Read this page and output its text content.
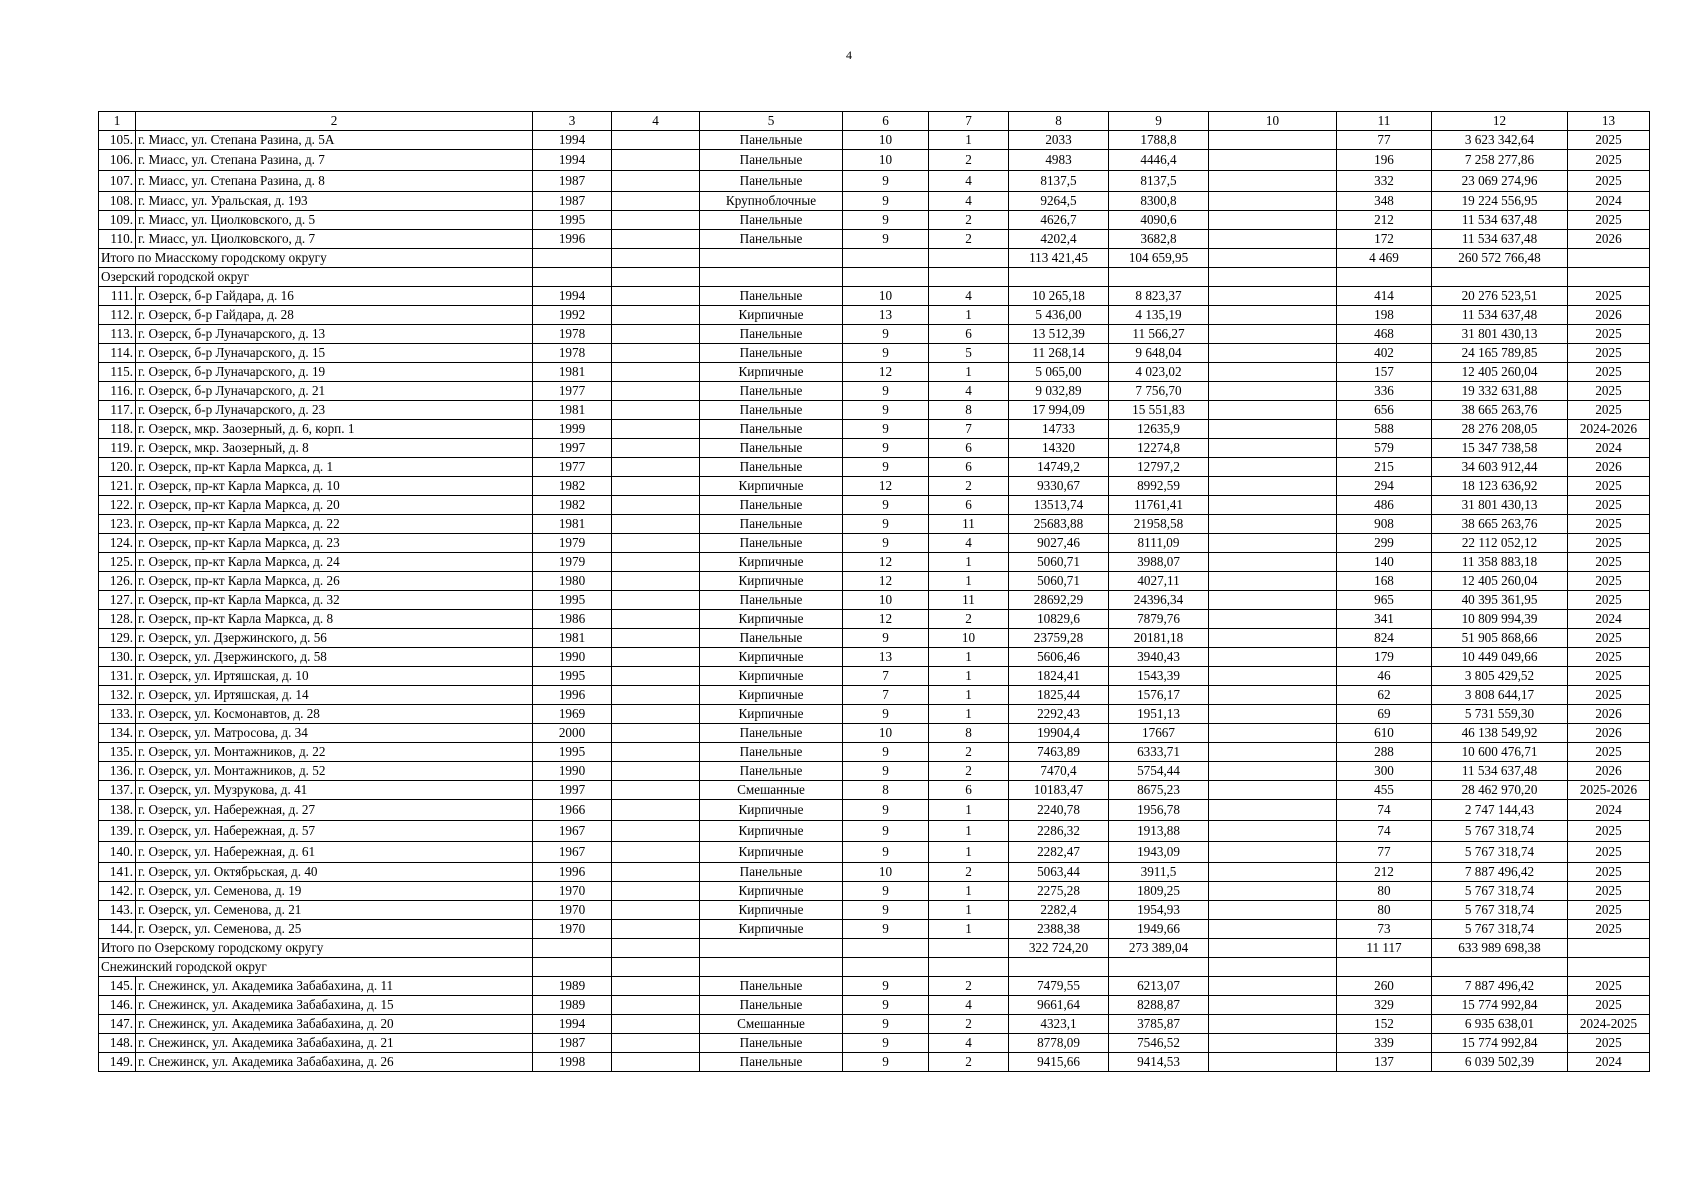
4
1	2	3	4	5	6	7	8	9	10	11	12	13
105.	г. Миасс, ул. Степана Разина, д. 5А	1994		Панельные	10	1	2033	1788,8		77	3 623 342,64	2025
106.	г. Миасс, ул. Степана Разина, д. 7	1994		Панельные	10	2	4983	4446,4		196	7 258 277,86	2025
107.	г. Миасс, ул. Степана Разина, д. 8	1987		Панельные	9	4	8137,5	8137,5		332	23 069 274,96	2025
108.	г. Миасс, ул. Уральская, д. 193	1987		Крупноблочные	9	4	9264,5	8300,8		348	19 224 556,95	2024
109.	г. Миасс, ул. Циолковского, д. 5	1995		Панельные	9	2	4626,7	4090,6		212	11 534 637,48	2025
110.	г. Миасс, ул. Циолковского, д. 7	1996		Панельные	9	2	4202,4	3682,8		172	11 534 637,48	2026
Итого по Миасскому городскому округу							113 421,45	104 659,95		4 469	260 572 766,48	
Озерский городской округ												
111.	г. Озерск, б-р Гайдара, д. 16	1994		Панельные	10	4	10 265,18	8 823,37		414	20 276 523,51	2025
112.	г. Озерск, б-р Гайдара, д. 28	1992		Кирпичные	13	1	5 436,00	4 135,19		198	11 534 637,48	2026
113.	г. Озерск, б-р Луначарского, д. 13	1978		Панельные	9	6	13 512,39	11 566,27		468	31 801 430,13	2025
114.	г. Озерск, б-р Луначарского, д. 15	1978		Панельные	9	5	11 268,14	9 648,04		402	24 165 789,85	2025
115.	г. Озерск, б-р Луначарского, д. 19	1981		Кирпичные	12	1	5 065,00	4 023,02		157	12 405 260,04	2025
116.	г. Озерск, б-р Луначарского, д. 21	1977		Панельные	9	4	9 032,89	7 756,70		336	19 332 631,88	2025
117.	г. Озерск, б-р Луначарского, д. 23	1981		Панельные	9	8	17 994,09	15 551,83		656	38 665 263,76	2025
118.	г. Озерск, мкр. Заозерный, д. 6, корп. 1	1999		Панельные	9	7	14733	12635,9		588	28 276 208,05	2024-2026
119.	г. Озерск, мкр. Заозерный, д. 8	1997		Панельные	9	6	14320	12274,8		579	15 347 738,58	2024
120.	г. Озерск, пр-кт Карла Маркса, д. 1	1977		Панельные	9	6	14749,2	12797,2		215	34 603 912,44	2026
121.	г. Озерск, пр-кт Карла Маркса, д. 10	1982		Кирпичные	12	2	9330,67	8992,59		294	18 123 636,92	2025
122.	г. Озерск, пр-кт Карла Маркса, д. 20	1982		Панельные	9	6	13513,74	11761,41		486	31 801 430,13	2025
123.	г. Озерск, пр-кт Карла Маркса, д. 22	1981		Панельные	9	11	25683,88	21958,58		908	38 665 263,76	2025
124.	г. Озерск, пр-кт Карла Маркса, д. 23	1979		Панельные	9	4	9027,46	8111,09		299	22 112 052,12	2025
125.	г. Озерск, пр-кт Карла Маркса, д. 24	1979		Кирпичные	12	1	5060,71	3988,07		140	11 358 883,18	2025
126.	г. Озерск, пр-кт Карла Маркса, д. 26	1980		Кирпичные	12	1	5060,71	4027,11		168	12 405 260,04	2025
127.	г. Озерск, пр-кт Карла Маркса, д. 32	1995		Панельные	10	11	28692,29	24396,34		965	40 395 361,95	2025
128.	г. Озерск, пр-кт Карла Маркса, д. 8	1986		Кирпичные	12	2	10829,6	7879,76		341	10 809 994,39	2024
129.	г. Озерск, ул. Дзержинского, д. 56	1981		Панельные	9	10	23759,28	20181,18		824	51 905 868,66	2025
130.	г. Озерск, ул. Дзержинского, д. 58	1990		Кирпичные	13	1	5606,46	3940,43		179	10 449 049,66	2025
131.	г. Озерск, ул. Иртяшская, д. 10	1995		Кирпичные	7	1	1824,41	1543,39		46	3 805 429,52	2025
132.	г. Озерск, ул. Иртяшская, д. 14	1996		Кирпичные	7	1	1825,44	1576,17		62	3 808 644,17	2025
133.	г. Озерск, ул. Космонавтов, д. 28	1969		Кирпичные	9	1	2292,43	1951,13		69	5 731 559,30	2026
134.	г. Озерск, ул. Матросова, д. 34	2000		Панельные	10	8	19904,4	17667		610	46 138 549,92	2026
135.	г. Озерск, ул. Монтажников, д. 22	1995		Панельные	9	2	7463,89	6333,71		288	10 600 476,71	2025
136.	г. Озерск, ул. Монтажников, д. 52	1990		Панельные	9	2	7470,4	5754,44		300	11 534 637,48	2026
137.	г. Озерск, ул. Музрукова, д. 41	1997		Смешанные	8	6	10183,47	8675,23		455	28 462 970,20	2025-2026
138.	г. Озерск, ул. Набережная, д. 27	1966		Кирпичные	9	1	2240,78	1956,78		74	2 747 144,43	2024
139.	г. Озерск, ул. Набережная, д. 57	1967		Кирпичные	9	1	2286,32	1913,88		74	5 767 318,74	2025
140.	г. Озерск, ул. Набережная, д. 61	1967		Кирпичные	9	1	2282,47	1943,09		77	5 767 318,74	2025
141.	г. Озерск, ул. Октябрьская, д. 40	1996		Панельные	10	2	5063,44	3911,5		212	7 887 496,42	2025
142.	г. Озерск, ул. Семенова, д. 19	1970		Кирпичные	9	1	2275,28	1809,25		80	5 767 318,74	2025
143.	г. Озерск, ул. Семенова, д. 21	1970		Кирпичные	9	1	2282,4	1954,93		80	5 767 318,74	2025
144.	г. Озерск, ул. Семенова, д. 25	1970		Кирпичные	9	1	2388,38	1949,66		73	5 767 318,74	2025
Итого по Озерскому городскому округу							322 724,20	273 389,04		11 117	633 989 698,38	
Снежинский городской округ												
145.	г. Снежинск, ул. Академика Забабахина, д. 11	1989		Панельные	9	2	7479,55	6213,07		260	7 887 496,42	2025
146.	г. Снежинск, ул. Академика Забабахина, д. 15	1989		Панельные	9	4	9661,64	8288,87		329	15 774 992,84	2025
147.	г. Снежинск, ул. Академика Забабахина, д. 20	1994		Смешанные	9	2	4323,1	3785,87		152	6 935 638,01	2024-2025
148.	г. Снежинск, ул. Академика Забабахина, д. 21	1987		Панельные	9	4	8778,09	7546,52		339	15 774 992,84	2025
149.	г. Снежинск, ул. Академика Забабахина, д. 26	1998		Панельные	9	2	9415,66	9414,53		137	6 039 502,39	2024
